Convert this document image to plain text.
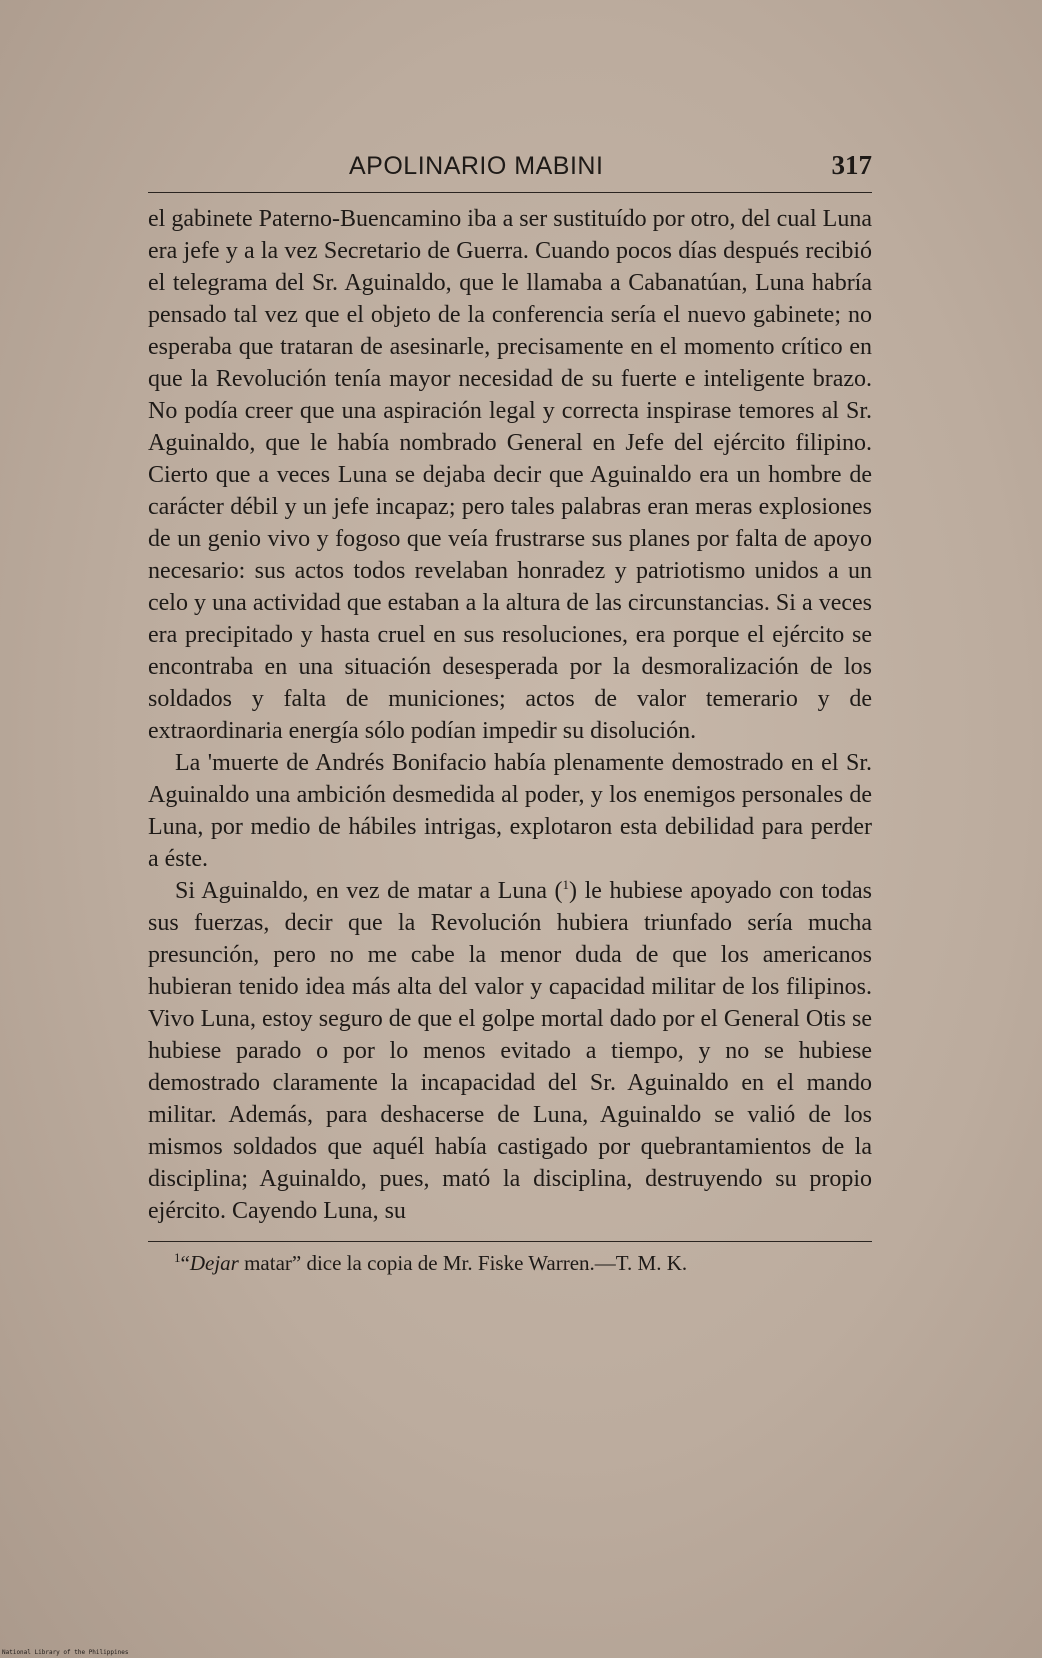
APOLINARIO MABINI	317

el gabinete Paterno-Buencamino iba a ser sustituído por otro, del cual Luna era jefe y a la vez Secretario de Guerra. Cuando pocos días después recibió el telegrama del Sr. Aguinaldo, que le llamaba a Cabanatúan, Luna habría pensado tal vez que el objeto de la conferencia sería el nuevo gabinete; no esperaba que trataran de asesinarle, precisamente en el momento crítico en que la Revolución tenía mayor necesidad de su fuerte e inteligente brazo. No podía creer que una aspiración legal y correcta inspirase temores al Sr. Aguinaldo, que le había nombrado General en Jefe del ejército filipino. Cierto que a veces Luna se dejaba decir que Aguinaldo era un hombre de carácter débil y un jefe incapaz; pero tales palabras eran meras explosiones de un genio vivo y fogoso que veía frustrarse sus planes por falta de apoyo necesario: sus actos todos revelaban honradez y patriotismo unidos a un celo y una actividad que estaban a la altura de las circunstancias. Si a veces era precipitado y hasta cruel en sus resoluciones, era porque el ejército se encontraba en una situación desesperada por la desmoralización de los soldados y falta de municiones; actos de valor temerario y de extraordinaria energía sólo podían impedir su disolución.

La 'muerte de Andrés Bonifacio había plenamente demostrado en el Sr. Aguinaldo una ambición desmedida al poder, y los enemigos personales de Luna, por medio de hábiles intrigas, explotaron esta debilidad para perder a éste.

Si Aguinaldo, en vez de matar a Luna ($^1$) le hubiese apoyado con todas sus fuerzas, decir que la Revolución hubiera triunfado sería mucha presunción, pero no me cabe la menor duda de que los americanos hubieran tenido idea más alta del valor y capacidad militar de los filipinos. Vivo Luna, estoy seguro de que el golpe mortal dado por el General Otis se hubiese parado o por lo menos evitado a tiempo, y no se hubiese demostrado claramente la incapacidad del Sr. Aguinaldo en el mando militar. Además, para deshacerse de Luna, Aguinaldo se valió de los mismos soldados que aquél había castigado por quebrantamientos de la disciplina; Aguinaldo, pues, mató la disciplina, destruyendo su propio ejército. Cayendo Luna, su

$^1$“Dejar matar” dice la copia de Mr. Fiske Warren.—T. M. K.
National Library of the Philippines
